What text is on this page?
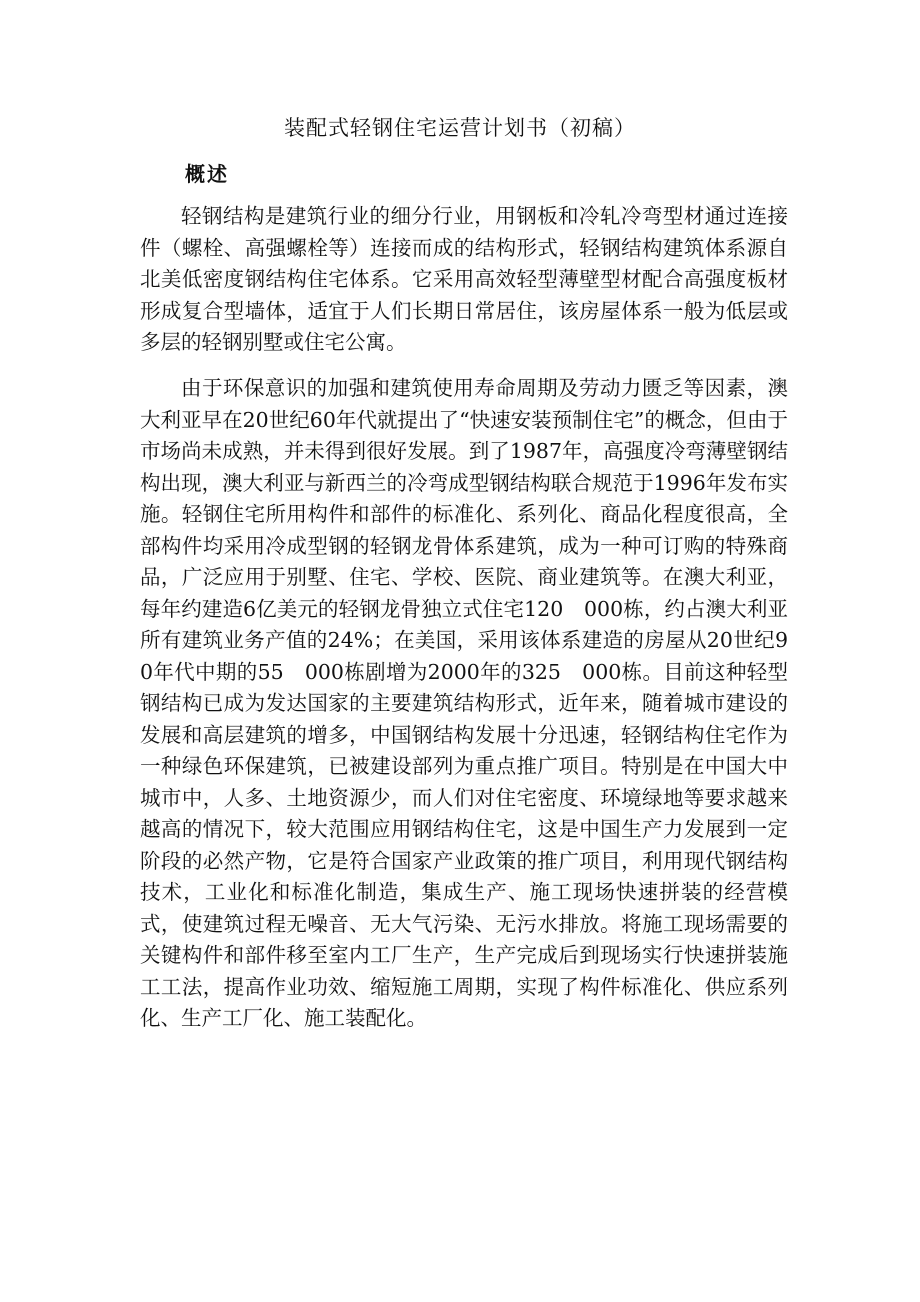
装配式轻钢住宅运营计划书（初稿）
概述

轻钢结构是建筑行业的细分行业，用钢板和冷轧冷弯型材通过连接件（螺栓、高强螺栓等）连接而成的结构形式，轻钢结构建筑体系源自北美低密度钢结构住宅体系。它采用高效轻型薄壁型材配合高强度板材形成复合型墙体，适宜于人们长期日常居住，该房屋体系一般为低层或多层的轻钢别墅或住宅公寓。

由于环保意识的加强和建筑使用寿命周期及劳动力匮乏等因素，澳大利亚早在20世纪60年代就提出了“快速安装预制住宅”的概念，但由于市场尚未成熟，并未得到很好发展。到了1987年，高强度冷弯薄壁钢结构出现，澳大利亚与新西兰的冷弯成型钢结构联合规范于1996年发布实施。轻钢住宅所用构件和部件的标准化、系列化、商品化程度很高，全部构件均采用冷成型钢的轻钢龙骨体系建筑，成为一种可订购的特殊商品，广泛应用于别墅、住宅、学校、医院、商业建筑等。在澳大利亚，每年约建造6亿美元的轻钢龙骨独立式住宅120　000栋，约占澳大利亚所有建筑业务产值的24%；在美国，采用该体系建造的房屋从20世纪90年代中期的55　000栋剧增为2000年的325　000栋。目前这种轻型钢结构已成为发达国家的主要建筑结构形式，近年来，随着城市建设的发展和高层建筑的增多，中国钢结构发展十分迅速，轻钢结构住宅作为一种绿色环保建筑，已被建设部列为重点推广项目。特别是在中国大中城市中，人多、土地资源少，而人们对住宅密度、环境绿地等要求越来越高的情况下，较大范围应用钢结构住宅，这是中国生产力发展到一定阶段的必然产物，它是符合国家产业政策的推广项目，利用现代钢结构技术，工业化和标准化制造，集成生产、施工现场快速拼装的经营模式，使建筑过程无噪音、无大气污染、无污水排放。将施工现场需要的关键构件和部件移至室内工厂生产，生产完成后到现场实行快速拼装施工工法，提高作业功效、缩短施工周期，实现了构件标准化、供应系列化、生产工厂化、施工装配化。
